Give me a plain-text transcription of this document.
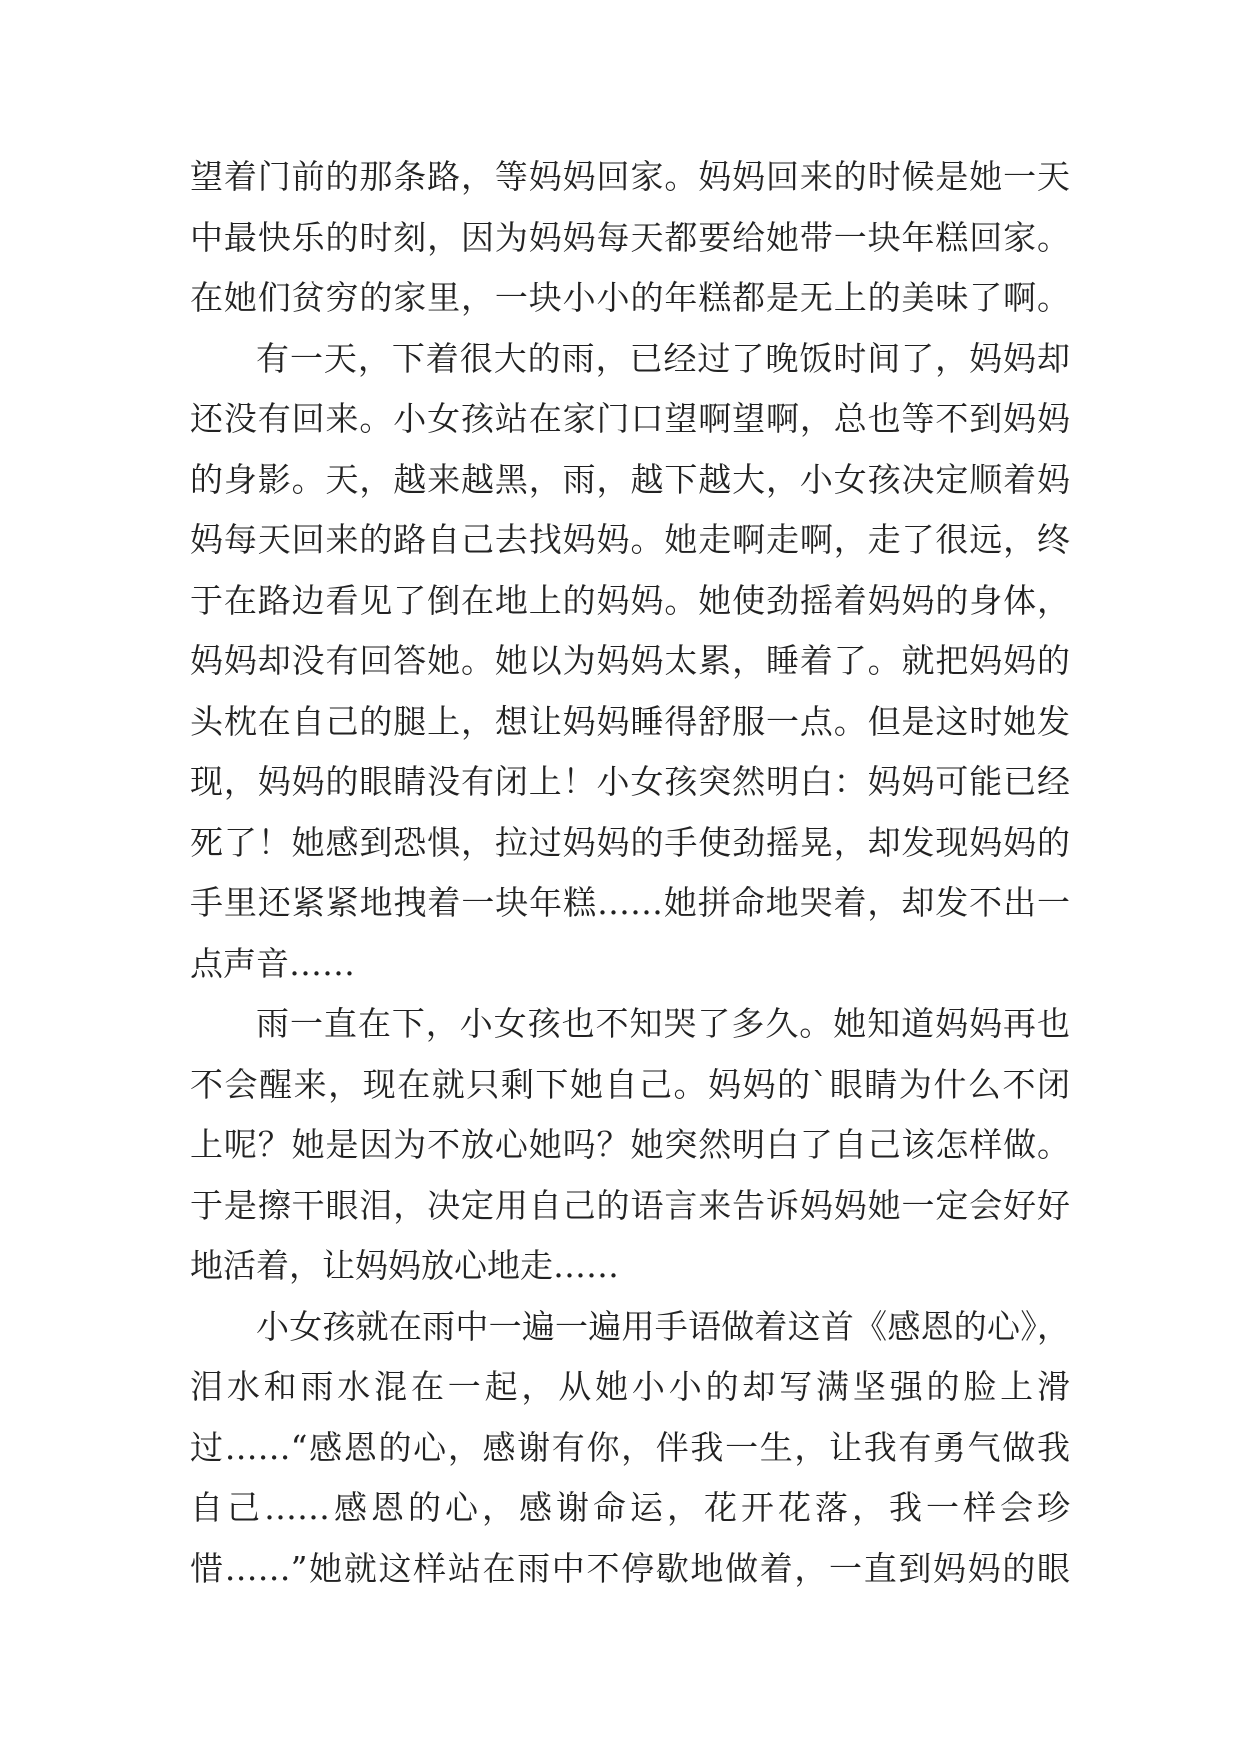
望着门前的那条路，等妈妈回家。妈妈回来的时候是她一天
中最快乐的时刻，因为妈妈每天都要给她带一块年糕回家。
在她们贫穷的家里，一块小小的年糕都是无上的美味了啊。
有一天，下着很大的雨，已经过了晚饭时间了，妈妈却
还没有回来。小女孩站在家门口望啊望啊，总也等不到妈妈
的身影。天，越来越黑，雨，越下越大，小女孩决定顺着妈
妈每天回来的路自己去找妈妈。她走啊走啊，走了很远，终
于在路边看见了倒在地上的妈妈。她使劲摇着妈妈的身体，
妈妈却没有回答她。她以为妈妈太累，睡着了。就把妈妈的
头枕在自己的腿上，想让妈妈睡得舒服一点。但是这时她发
现，妈妈的眼睛没有闭上！小女孩突然明白：妈妈可能已经
死了！她感到恐惧，拉过妈妈的手使劲摇晃，却发现妈妈的
手里还紧紧地拽着一块年糕……她拼命地哭着，却发不出一
点声音……
雨一直在下，小女孩也不知哭了多久。她知道妈妈再也
不会醒来，现在就只剩下她自己。妈妈的`眼睛为什么不闭
上呢？她是因为不放心她吗？她突然明白了自己该怎样做。
于是擦干眼泪，决定用自己的语言来告诉妈妈她一定会好好
地活着，让妈妈放心地走……
小女孩就在雨中一遍一遍用手语做着这首《感恩的心》，
泪水和雨水混在一起，从她小小的却写满坚强的脸上滑
过……“感恩的心，感谢有你，伴我一生，让我有勇气做我
自己……感恩的心，感谢命运，花开花落，我一样会珍
惜……”她就这样站在雨中不停歇地做着，一直到妈妈的眼
